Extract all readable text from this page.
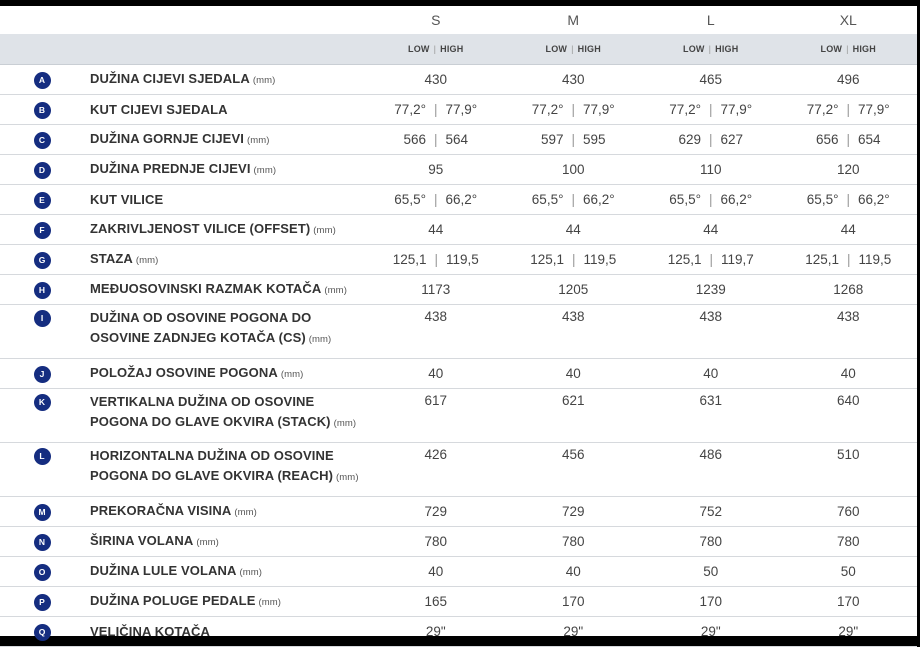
		S	M	L	XL
		LOW | HIGH	LOW | HIGH	LOW | HIGH	LOW | HIGH
A	DUŽINA CIJEVI SJEDALA (mm)	430	430	465	496
B	KUT CIJEVI SJEDALA	77,2° | 77,9°	77,2° | 77,9°	77,2° | 77,9°	77,2° | 77,9°
C	DUŽINA GORNJE CIJEVI (mm)	566 | 564	597 | 595	629 | 627	656 | 654
D	DUŽINA PREDNJE CIJEVI (mm)	95	100	110	120
E	KUT VILICE	65,5° | 66,2°	65,5° | 66,2°	65,5° | 66,2°	65,5° | 66,2°
F	ZAKRIVLJENOST VILICE (OFFSET) (mm)	44	44	44	44
G	STAZA (mm)	125,1 | 119,5	125,1 | 119,5	125,1 | 119,7	125,1 | 119,5
H	MEĐUOSOVINSKI RAZMAK KOTAČA (mm)	1173	1205	1239	1268
I	DUŽINA OD OSOVINE POGONA DO
OSOVINE ZADNJEG KOTAČA (CS) (mm)	438	438	438	438
J	POLOŽAJ OSOVINE POGONA (mm)	40	40	40	40
K	VERTIKALNA DUŽINA OD OSOVINE
POGONA DO GLAVE OKVIRA (STACK) (mm)	617	621	631	640
L	HORIZONTALNA DUŽINA OD OSOVINE
POGONA DO GLAVE OKVIRA (REACH) (mm)	426	456	486	510
M	PREKORAČNA VISINA (mm)	729	729	752	760
N	ŠIRINA VOLANA (mm)	780	780	780	780
O	DUŽINA LULE VOLANA (mm)	40	40	50	50
P	DUŽINA POLUGE PEDALE (mm)	165	170	170	170
Q	VELIČINA KOTAČA	29"	29"	29"	29"
